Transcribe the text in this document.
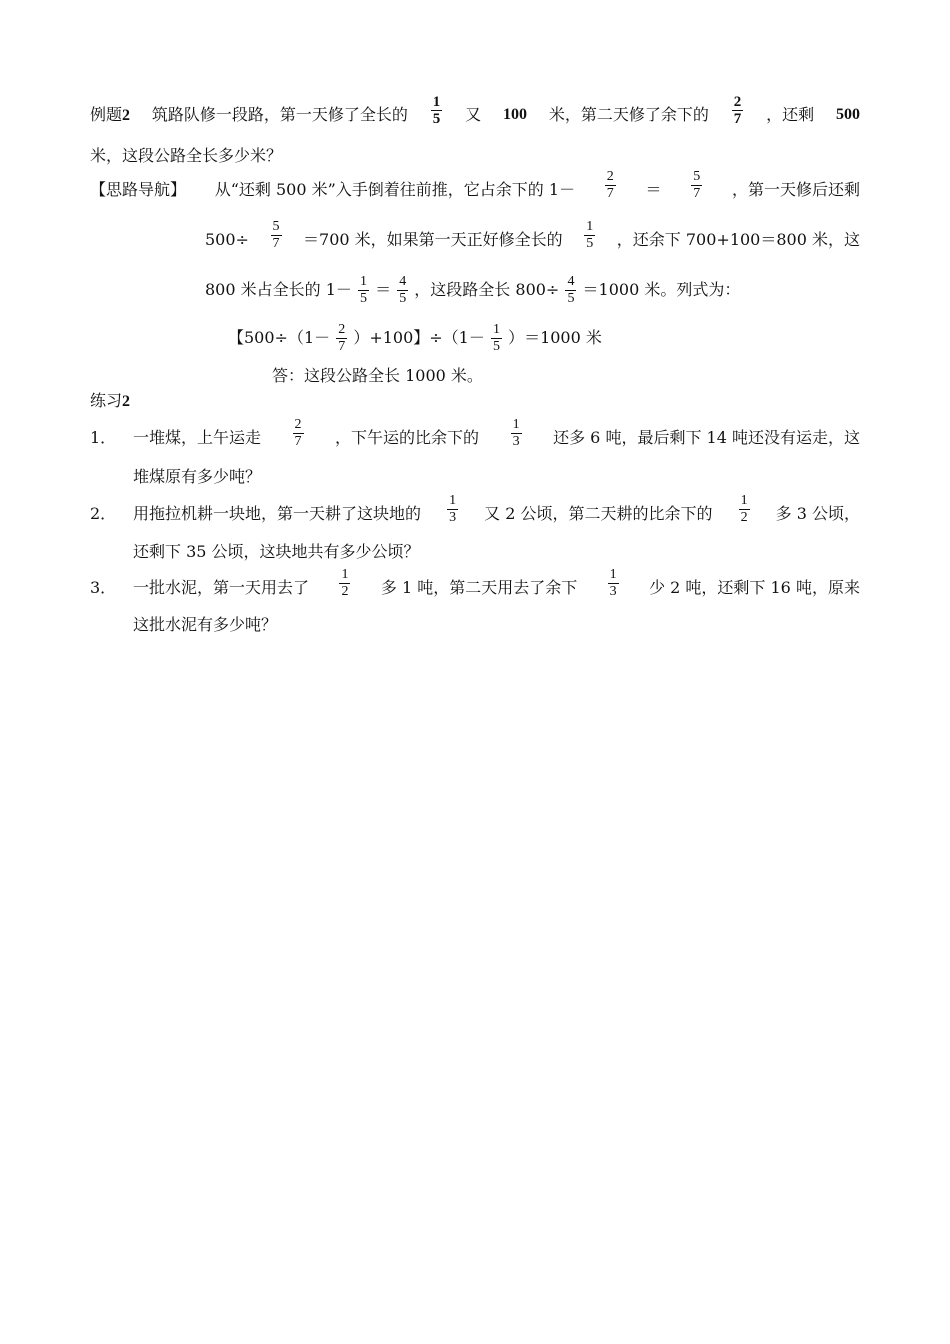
例题2 筑路队修一段路，第一天修了全长的 $\frac{1}{5}$ 又 100 米，第二天修了余下的 $\frac{2}{7}$ ，还剩 500
米，这段公路全长多少米？
【思路导航】 从“还剩 500 米”入手倒着往前推，它占余下的 $1- \frac{2}{7} = \frac{5}{7}$ ，第一天修后还剩
$500\div \frac{5}{7} =700$ 米，如果第一天正好修全长的 $\frac{1}{5}$ ，还余下 700+100＝800 米，这
800 米占全长的 $1- \frac{1}{5} = \frac{4}{5}$ ，这段路全长 $800\div \frac{4}{5} =1000$ 米。列式为：
【$500\div(1- \frac{2}{7} )+100$】$\div(1- \frac{1}{5} )=1000$ 米
答：这段公路全长 1000 米。
练习2
1． 一堆煤，上午运走 $\frac{2}{7}$ ，下午运的比余下的 $\frac{1}{3}$ 还多 6 吨，最后剩下 14 吨还没有运走，这
堆煤原有多少吨？
2． 用拖拉机耕一块地，第一天耕了这块地的 $\frac{1}{3}$ 又 2 公顷，第二天耕的比余下的 $\frac{1}{2}$ 多 3 公顷，
还剩下 35 公顷，这块地共有多少公顷？
3． 一批水泥，第一天用去了 $\frac{1}{2}$ 多 1 吨，第二天用去了余下 $\frac{1}{3}$ 少 2 吨，还剩下 16 吨，原来
这批水泥有多少吨？
